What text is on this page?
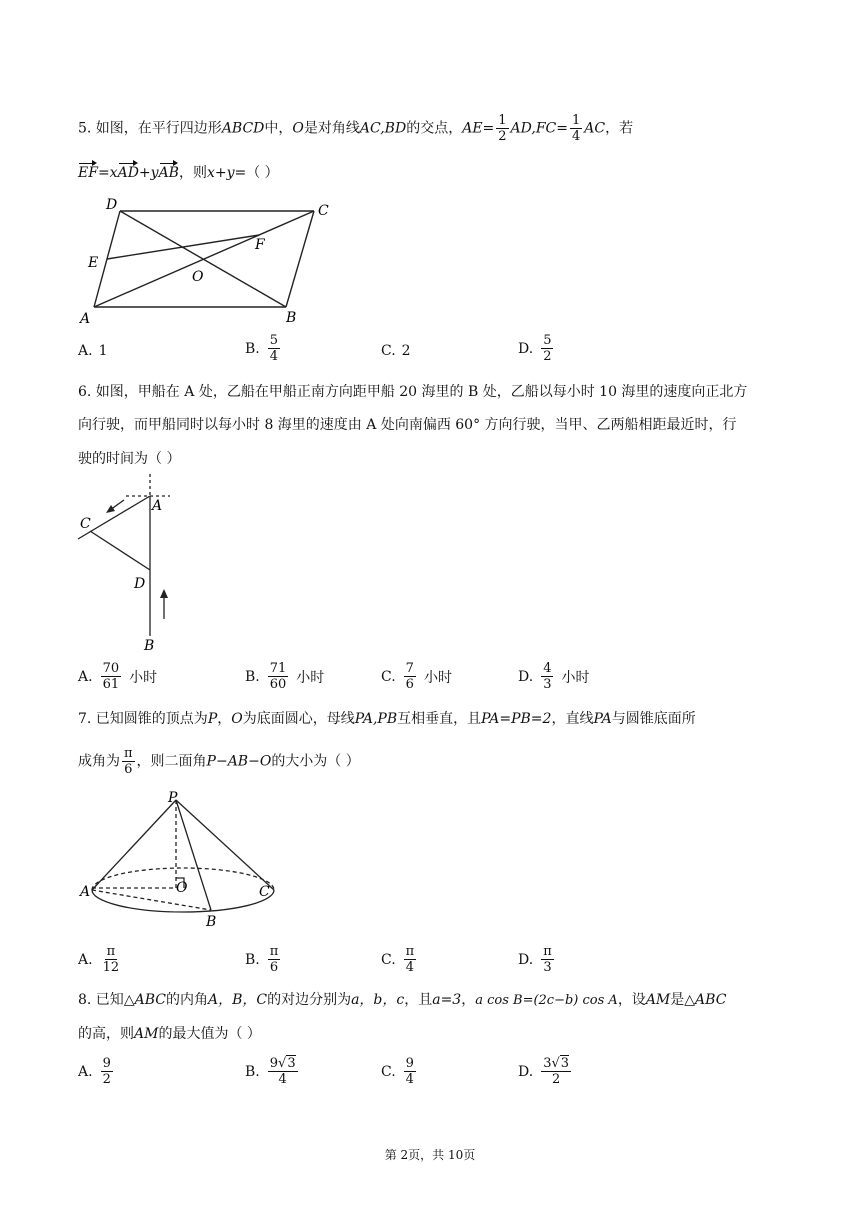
5. 如图，在平行四边形ABCD中，O是对角线AC,BD的交点，$AE= \frac{1}{2} AD,FC= \frac{1}{4}$ AC，若
EF=xAD+yAB，则x+y=（ ）
A	B
C
D
E
F
O
A. 1	B. $\frac{5}{4}$	C. 2	D. $\frac{5}{2}$
6. 如图，甲船在 A 处，乙船在甲船正南方向距甲船 20 海里的 B 处，乙船以每小时 10 海里的速度向正北方
向行驶，而甲船同时以每小时 8 海里的速度由 A 处向南偏西 60° 方向行驶，当甲、乙两船相距最近时，行
驶的时间为（ ）
A
C
D
B
A. $\frac{70}{61}$ 小时	B. $\frac{71}{60}$ 小时	C. $\frac{7}{6}$ 小时	D. $\frac{4}{3}$ 小时
7. 已知圆锥的顶点为P，O为底面圆心，母线PA,PB互相垂直，且PA=PB=2，直线PA与圆锥底面所
成角为 $\frac{\pi}{6}$ ，则二面角P−AB−O的大小为（ ）
P
A	O	C
B
A. $\frac{\pi}{12}$	B. $\frac{\pi}{6}$	C. $\frac{\pi}{4}$	D. $\frac{\pi}{3}$
8. 已知△ABC的内角A，B，C的对边分别为a，b，c，且a=3，a cos B=(2c−b) cos A，设AM是△ABC
的高，则AM的最大值为（ ）
A. $\frac{9}{2}$	B. $\frac{9√3}{4}$	C. $\frac{9}{4}$	D. $\frac{3√3}{2}$
第 2页，共 10页
